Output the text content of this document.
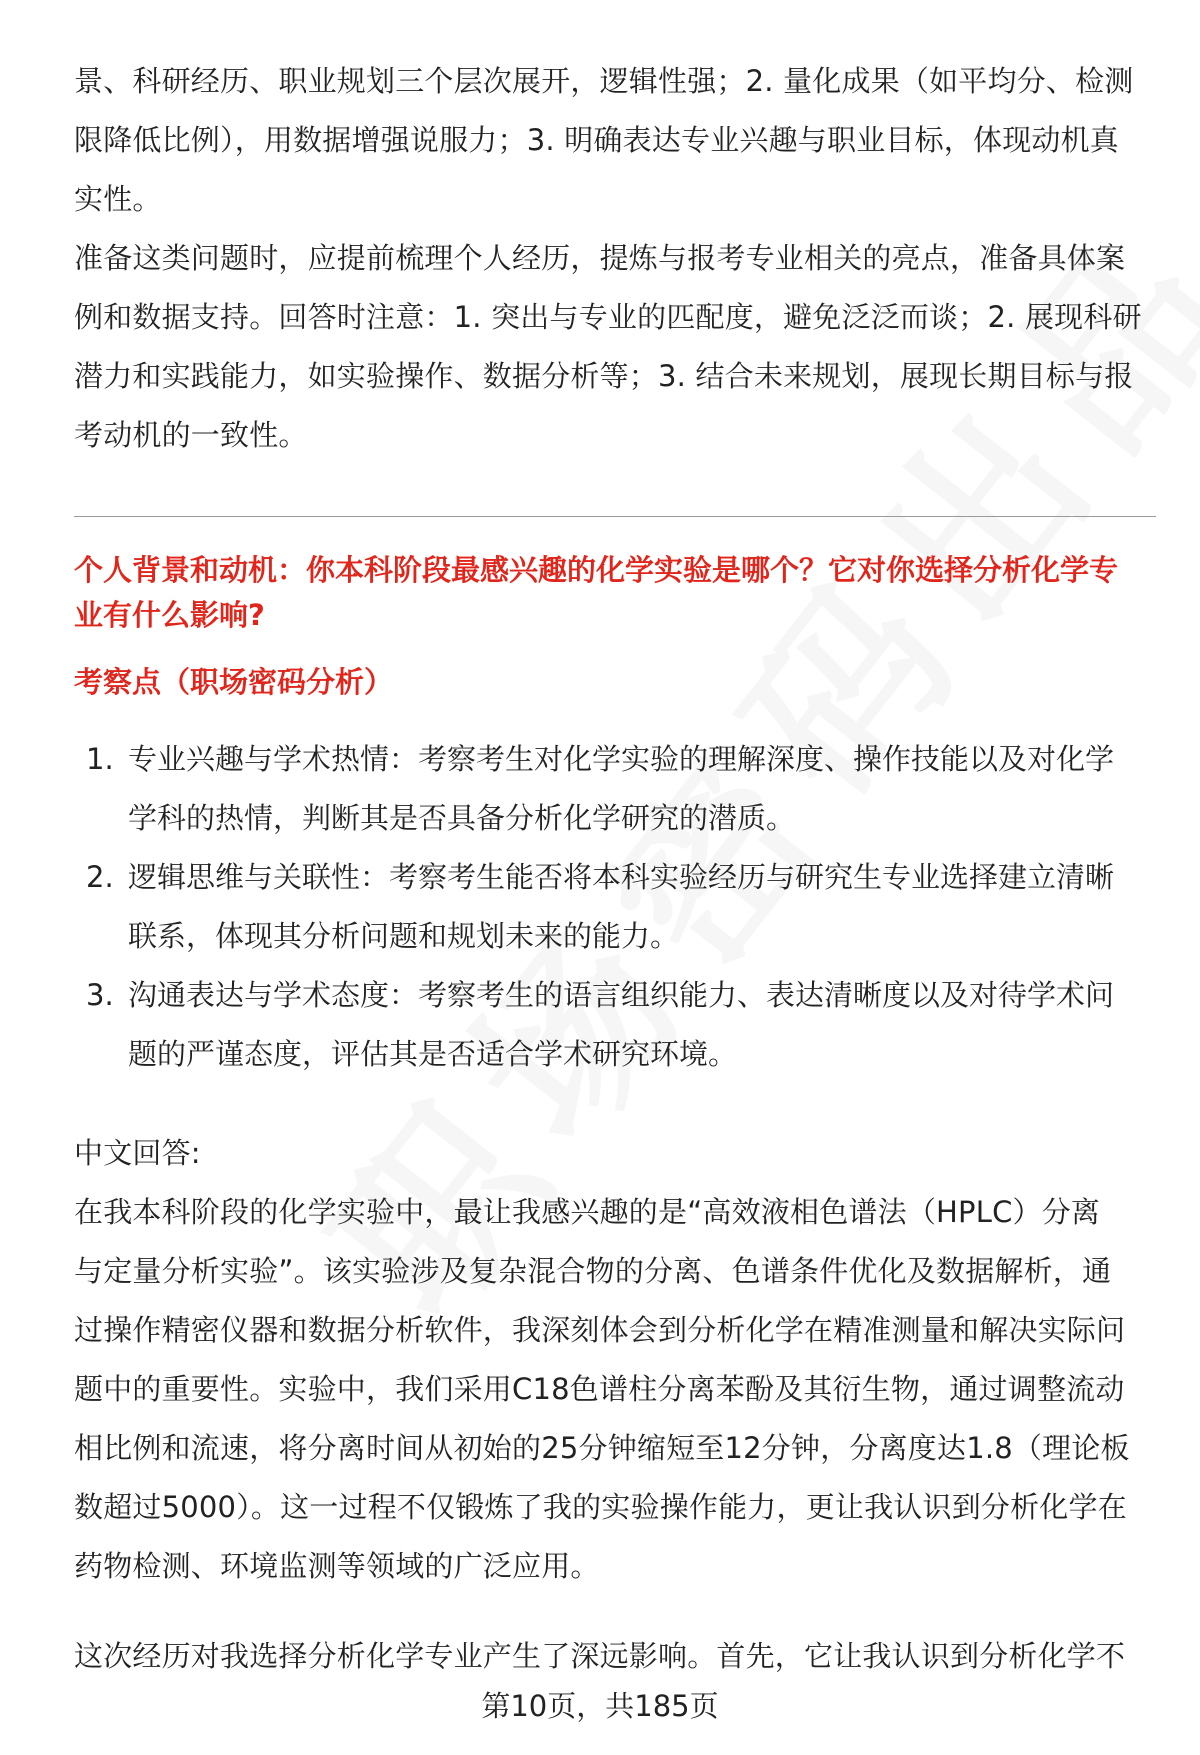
景、科研经历、职业规划三个层次展开，逻辑性强；2. 量化成果（如平均分、检测
限降低比例），用数据增强说服力；3. 明确表达专业兴趣与职业目标，体现动机真
实性。

准备这类问题时，应提前梳理个人经历，提炼与报考专业相关的亮点，准备具体案
例和数据支持。回答时注意：1. 突出与专业的匹配度，避免泛泛而谈；2. 展现科研
潜力和实践能力，如实验操作、数据分析等；3. 结合未来规划，展现长期目标与报
考动机的一致性。

个人背景和动机：你本科阶段最感兴趣的化学实验是哪个？它对你选择分析化学专
业有什么影响?

考察点（职场密码分析）

1. 专业兴趣与学术热情：考察考生对化学实验的理解深度、操作技能以及对化学
学科的热情，判断其是否具备分析化学研究的潜质。
2. 逻辑思维与关联性：考察考生能否将本科实验经历与研究生专业选择建立清晰
联系，体现其分析问题和规划未来的能力。
3. 沟通表达与学术态度：考察考生的语言组织能力、表达清晰度以及对待学术问
题的严谨态度，评估其是否适合学术研究环境。

中文回答:
在我本科阶段的化学实验中，最让我感兴趣的是“高效液相色谱法（HPLC）分离
与定量分析实验”。该实验涉及复杂混合物的分离、色谱条件优化及数据解析，通
过操作精密仪器和数据分析软件，我深刻体会到分析化学在精准测量和解决实际问
题中的重要性。实验中，我们采用C18色谱柱分离苯酚及其衍生物，通过调整流动
相比例和流速，将分离时间从初始的25分钟缩短至12分钟，分离度达1.8（理论板
数超过5000）。这一过程不仅锻炼了我的实验操作能力，更让我认识到分析化学在
药物检测、环境监测等领域的广泛应用。

这次经历对我选择分析化学专业产生了深远影响。首先，它让我认识到分析化学不

第10页，共185页
